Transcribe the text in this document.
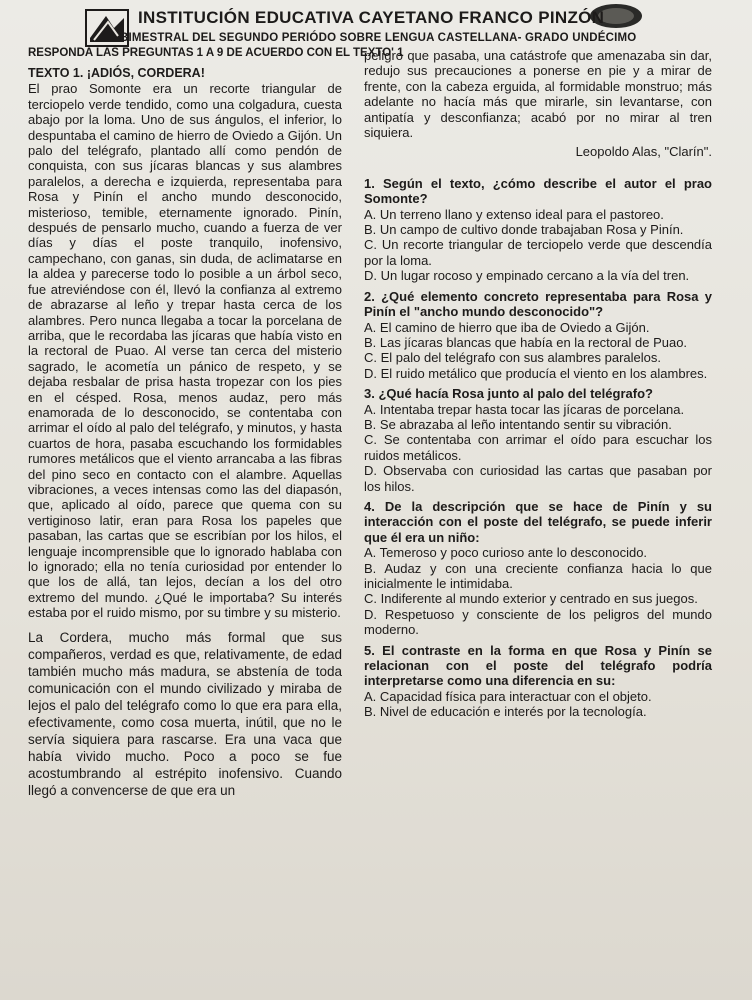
INSTITUCIÓN EDUCATIVA CAYETANO FRANCO PINZÓN
BIMESTRAL DEL SEGUNDO PERIÓDO SOBRE LENGUA CASTELLANA- GRADO UNDÉCIMO
RESPONDA LAS PREGUNTAS 1 A 9 DE ACUERDO CON EL TEXTO' 1

TEXTO 1. ¡ADIÓS, CORDERA!

El prao Somonte era un recorte triangular de terciopelo verde tendido, como una colgadura, cuesta abajo por la loma. Uno de sus ángulos, el inferior, lo despuntaba el camino de hierro de Oviedo a Gijón. Un palo del telégrafo, plantado allí como pendón de conquista, con sus jícaras blancas y sus alambres paralelos, a derecha e izquierda, representaba para Rosa y Pinín el ancho mundo desconocido, misterioso, temible, eternamente ignorado. Pinín, después de pensarlo mucho, cuando a fuerza de ver días y días el poste tranquilo, inofensivo, campechano, con ganas, sin duda, de aclimatarse en la aldea y parecerse todo lo posible a un árbol seco, fue atreviéndose con él, llevó la confianza al extremo de abrazarse al leño y trepar hasta cerca de los alambres. Pero nunca llegaba a tocar la porcelana de arriba, que le recordaba las jícaras que había visto en la rectoral de Puao. Al verse tan cerca del misterio sagrado, le acometía un pánico de respeto, y se dejaba resbalar de prisa hasta tropezar con los pies en el césped. Rosa, menos audaz, pero más enamorada de lo desconocido, se contentaba con arrimar el oído al palo del telégrafo, y minutos, y hasta cuartos de hora, pasaba escuchando los formidables rumores metálicos que el viento arrancaba a las fibras del pino seco en contacto con el alambre. Aquellas vibraciones, a veces intensas como las del diapasón, que, aplicado al oído, parece que quema con su vertiginoso latir, eran para Rosa los papeles que pasaban, las cartas que se escribían por los hilos, el lenguaje incomprensible que lo ignorado hablaba con lo ignorado; ella no tenía curiosidad por entender lo que los de allá, tan lejos, decían a los del otro extremo del mundo. ¿Qué le importaba? Su interés estaba por el ruido mismo, por su timbre y su misterio.

La Cordera, mucho más formal que sus compañeros, verdad es que, relativamente, de edad también mucho más madura, se abstenía de toda comunicación con el mundo civilizado y miraba de lejos el palo del telégrafo como lo que era para ella, efectivamente, como cosa muerta, inútil, que no le servía siquiera para rascarse. Era una vaca que había vivido mucho. Poco a poco se fue acostumbrando al estrépito inofensivo. Cuando llegó a convencerse de que era un

peligro que pasaba, una catástrofe que amenazaba sin dar, redujo sus precauciones a ponerse en pie y a mirar de frente, con la cabeza erguida, al formidable monstruo; más adelante no hacía más que mirarle, sin levantarse, con antipatía y desconfianza; acabó por no mirar al tren siquiera.

Leopoldo Alas, "Clarín".

1. Según el texto, ¿cómo describe el autor el prao Somonte?

A. Un terreno llano y extenso ideal para el pastoreo.

B. Un campo de cultivo donde trabajaban Rosa y Pinín.

C. Un recorte triangular de terciopelo verde que descendía por la loma.

D. Un lugar rocoso y empinado cercano a la vía del tren.

2. ¿Qué elemento concreto representaba para Rosa y Pinín el "ancho mundo desconocido"?

A. El camino de hierro que iba de Oviedo a Gijón.

B. Las jícaras blancas que había en la rectoral de Puao.

C. El palo del telégrafo con sus alambres paralelos.

D. El ruido metálico que producía el viento en los alambres.

3. ¿Qué hacía Rosa junto al palo del telégrafo?

A. Intentaba trepar hasta tocar las jícaras de porcelana.

B. Se abrazaba al leño intentando sentir su vibración.

C. Se contentaba con arrimar el oído para escuchar los ruidos metálicos.

D. Observaba con curiosidad las cartas que pasaban por los hilos.

4. De la descripción que se hace de Pinín y su interacción con el poste del telégrafo, se puede inferir que él era un niño:

A. Temeroso y poco curioso ante lo desconocido.

B. Audaz y con una creciente confianza hacia lo que inicialmente le intimidaba.

C. Indiferente al mundo exterior y centrado en sus juegos.

D. Respetuoso y consciente de los peligros del mundo moderno.

5. El contraste en la forma en que Rosa y Pinín se relacionan con el poste del telégrafo podría interpretarse como una diferencia en su:

A. Capacidad física para interactuar con el objeto.

B. Nivel de educación e interés por la tecnología.
